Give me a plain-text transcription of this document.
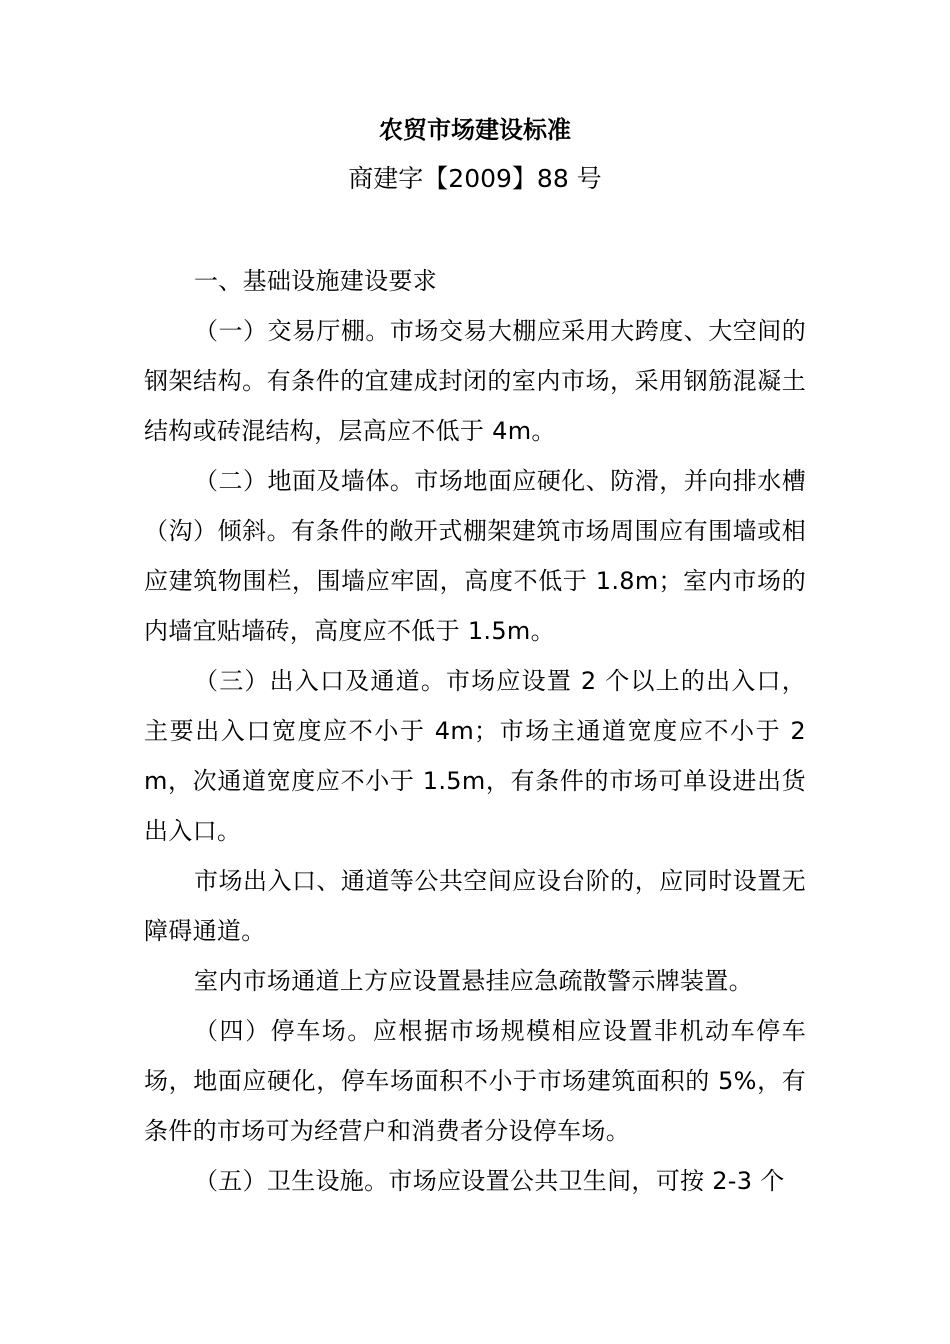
农贸市场建设标准
商建字【2009】88 号

一、基础设施建设要求

（一）交易厅棚。市场交易大棚应采用大跨度、大空间的钢架结构。有条件的宜建成封闭的室内市场，采用钢筋混凝土结构或砖混结构，层高应不低于 4m。

（二）地面及墙体。市场地面应硬化、防滑，并向排水槽（沟）倾斜。有条件的敞开式棚架建筑市场周围应有围墙或相应建筑物围栏，围墙应牢固，高度不低于 1.8m；室内市场的内墙宜贴墙砖，高度应不低于 1.5m。

（三）出入口及通道。市场应设置 2 个以上的出入口，主要出入口宽度应不小于 4m；市场主通道宽度应不小于 2m，次通道宽度应不小于 1.5m，有条件的市场可单设进出货出入口。

市场出入口、通道等公共空间应设台阶的，应同时设置无障碍通道。

室内市场通道上方应设置悬挂应急疏散警示牌装置。

（四）停车场。应根据市场规模相应设置非机动车停车场，地面应硬化，停车场面积不小于市场建筑面积的 5%，有条件的市场可为经营户和消费者分设停车场。

（五）卫生设施。市场应设置公共卫生间，可按 2-3 个
